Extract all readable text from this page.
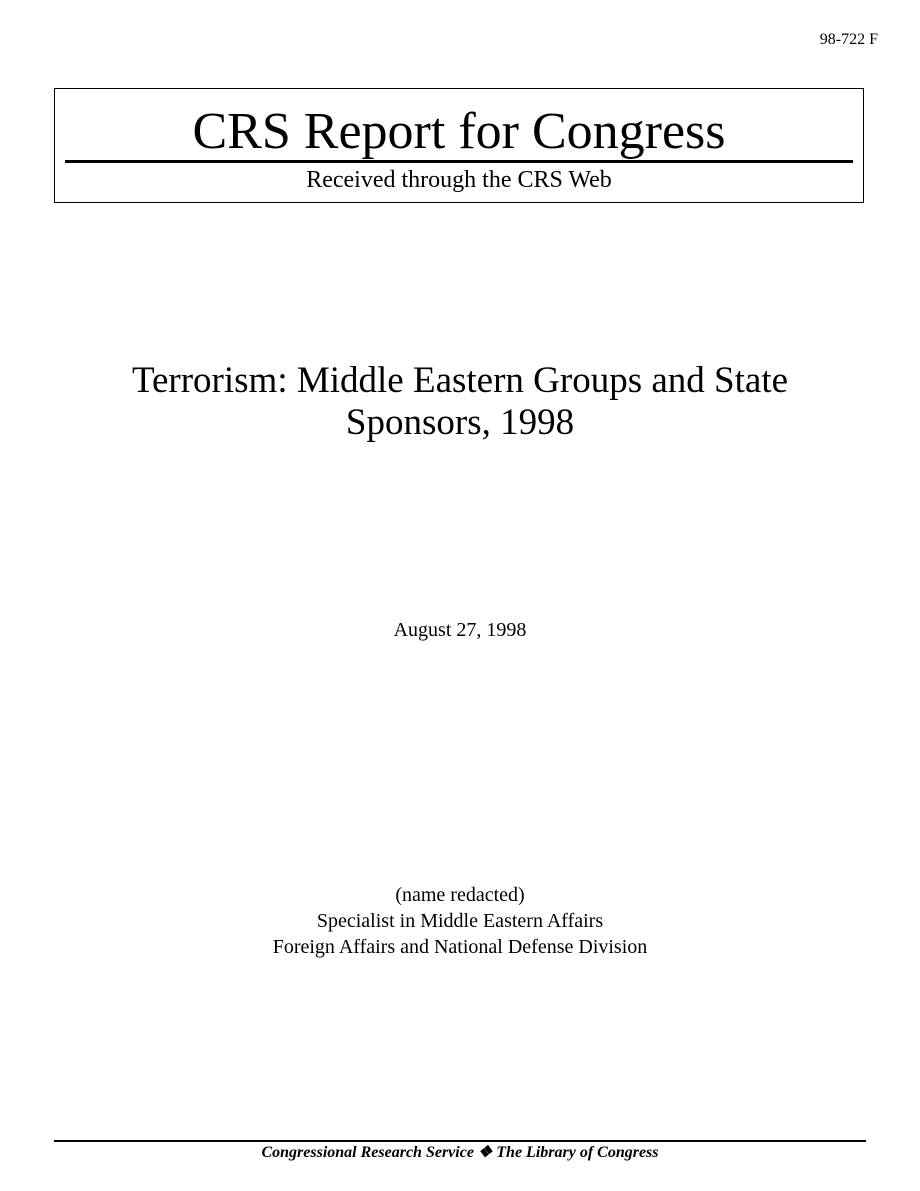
98-722 F
CRS Report for Congress
Received through the CRS Web
Terrorism: Middle Eastern Groups and State
Sponsors, 1998
August 27, 1998
(name redacted)
Specialist in Middle Eastern Affairs
Foreign Affairs and National Defense Division
Congressional Research Service ❖ The Library of Congress
